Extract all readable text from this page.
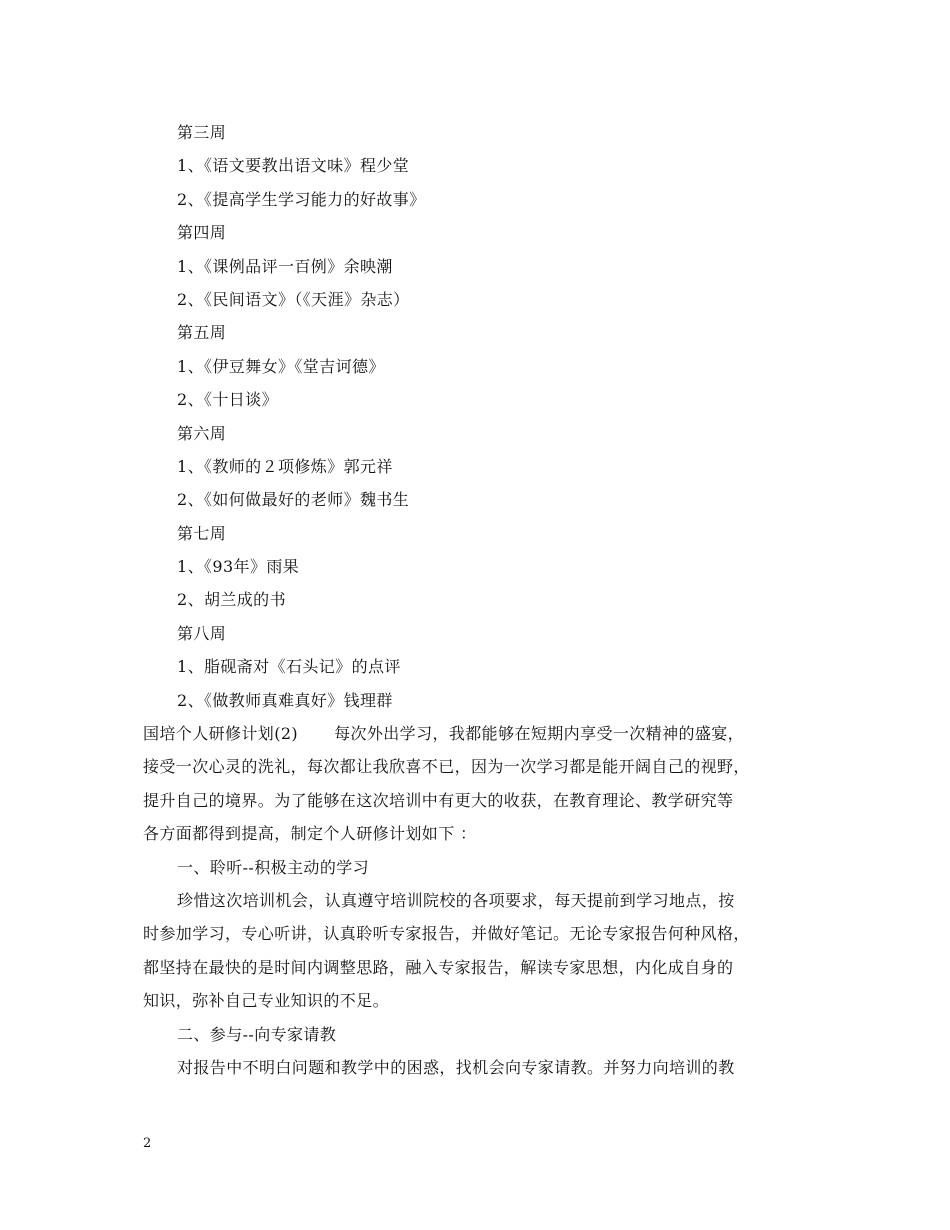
第三周
1、《语文要教出语文味》程少堂
2、《提高学生学习能力的好故事》
第四周
1、《课例品评一百例》余映潮
2、《民间语文》（《天涯》杂志）
第五周
1、《伊豆舞女》《堂吉诃德》
2、《十日谈》
第六周
1、《教师的２项修炼》郭元祥
2、《如何做最好的老师》魏书生
第七周
1、《93年》雨果
2、胡兰成的书
第八周
1、脂砚斋对《石头记》的点评
2、《做教师真难真好》钱理群
国培个人研修计划(2) 每次外出学习，我都能够在短期内享受一次精神的盛宴，
接受一次心灵的洗礼，每次都让我欣喜不已，因为一次学习都是能开阔自己的视野，
提升自己的境界。为了能够在这次培训中有更大的收获，在教育理论、教学研究等
各方面都得到提高，制定个人研修计划如下 ：
一、聆听--积极主动的学习
珍惜这次培训机会，认真遵守培训院校的各项要求，每天提前到学习地点，按
时参加学习，专心听讲，认真聆听专家报告，并做好笔记。无论专家报告何种风格，
都坚持在最快的是时间内调整思路，融入专家报告，解读专家思想，内化成自身的
知识，弥补自己专业知识的不足。
二、参与--向专家请教
对报告中不明白问题和教学中的困惑，找机会向专家请教。并努力向培训的教
2
